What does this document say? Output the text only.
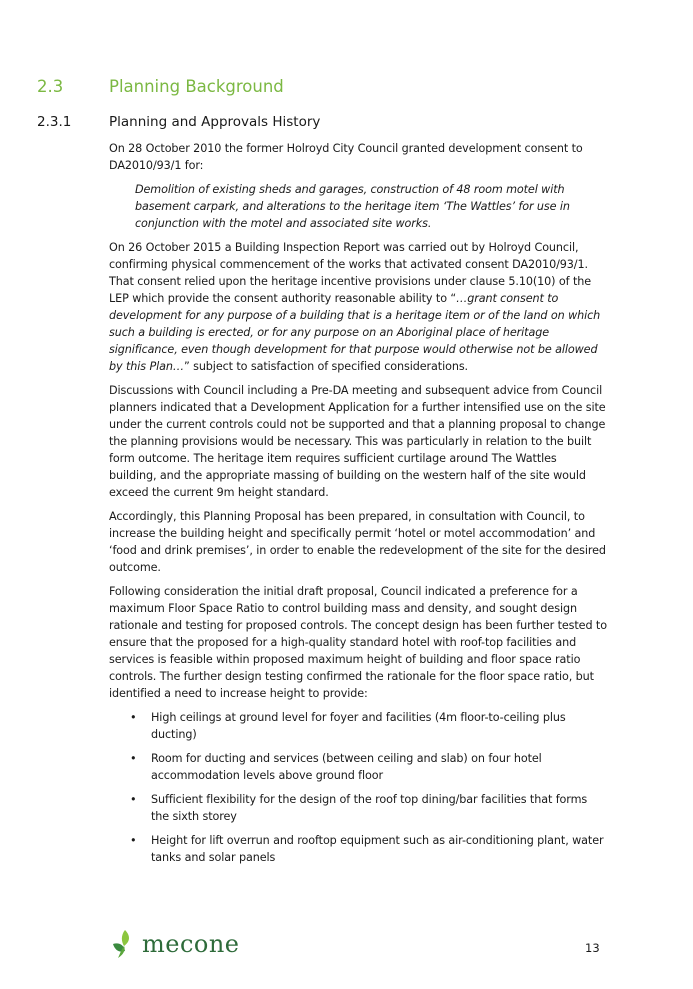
2.3	Planning Background
2.3.1	Planning and Approvals History

On 28 October 2010 the former Holroyd City Council granted development consent to DA2010/93/1 for:

Demolition of existing sheds and garages, construction of 48 room motel with basement carpark, and alterations to the heritage item ‘The Wattles’ for use in conjunction with the motel and associated site works.

On 26 October 2015 a Building Inspection Report was carried out by Holroyd Council, confirming physical commencement of the works that activated consent DA2010/93/1. That consent relied upon the heritage incentive provisions under clause 5.10(10) of the LEP which provide the consent authority reasonable ability to “…grant consent to development for any purpose of a building that is a heritage item or of the land on which such a building is erected, or for any purpose on an Aboriginal place of heritage significance, even though development for that purpose would otherwise not be allowed by this Plan…” subject to satisfaction of specified considerations.

Discussions with Council including a Pre-DA meeting and subsequent advice from Council planners indicated that a Development Application for a further intensified use on the site under the current controls could not be supported and that a planning proposal to change the planning provisions would be necessary. This was particularly in relation to the built form outcome. The heritage item requires sufficient curtilage around The Wattles building, and the appropriate massing of building on the western half of the site would exceed the current 9m height standard.

Accordingly, this Planning Proposal has been prepared, in consultation with Council, to increase the building height and specifically permit ‘hotel or motel accommodation’ and ‘food and drink premises’, in order to enable the redevelopment of the site for the desired outcome.

Following consideration the initial draft proposal, Council indicated a preference for a maximum Floor Space Ratio to control building mass and density, and sought design rationale and testing for proposed controls. The concept design has been further tested to ensure that the proposed for a high-quality standard hotel with roof-top facilities and services is feasible within proposed maximum height of building and floor space ratio controls. The further design testing confirmed the rationale for the floor space ratio, but identified a need to increase height to provide:

• High ceilings at ground level for foyer and facilities (4m floor-to-ceiling plus ducting)
• Room for ducting and services (between ceiling and slab) on four hotel accommodation levels above ground floor
• Sufficient flexibility for the design of the roof top dining/bar facilities that forms the sixth storey
• Height for lift overrun and rooftop equipment such as air-conditioning plant, water tanks and solar panels
mecone	13
